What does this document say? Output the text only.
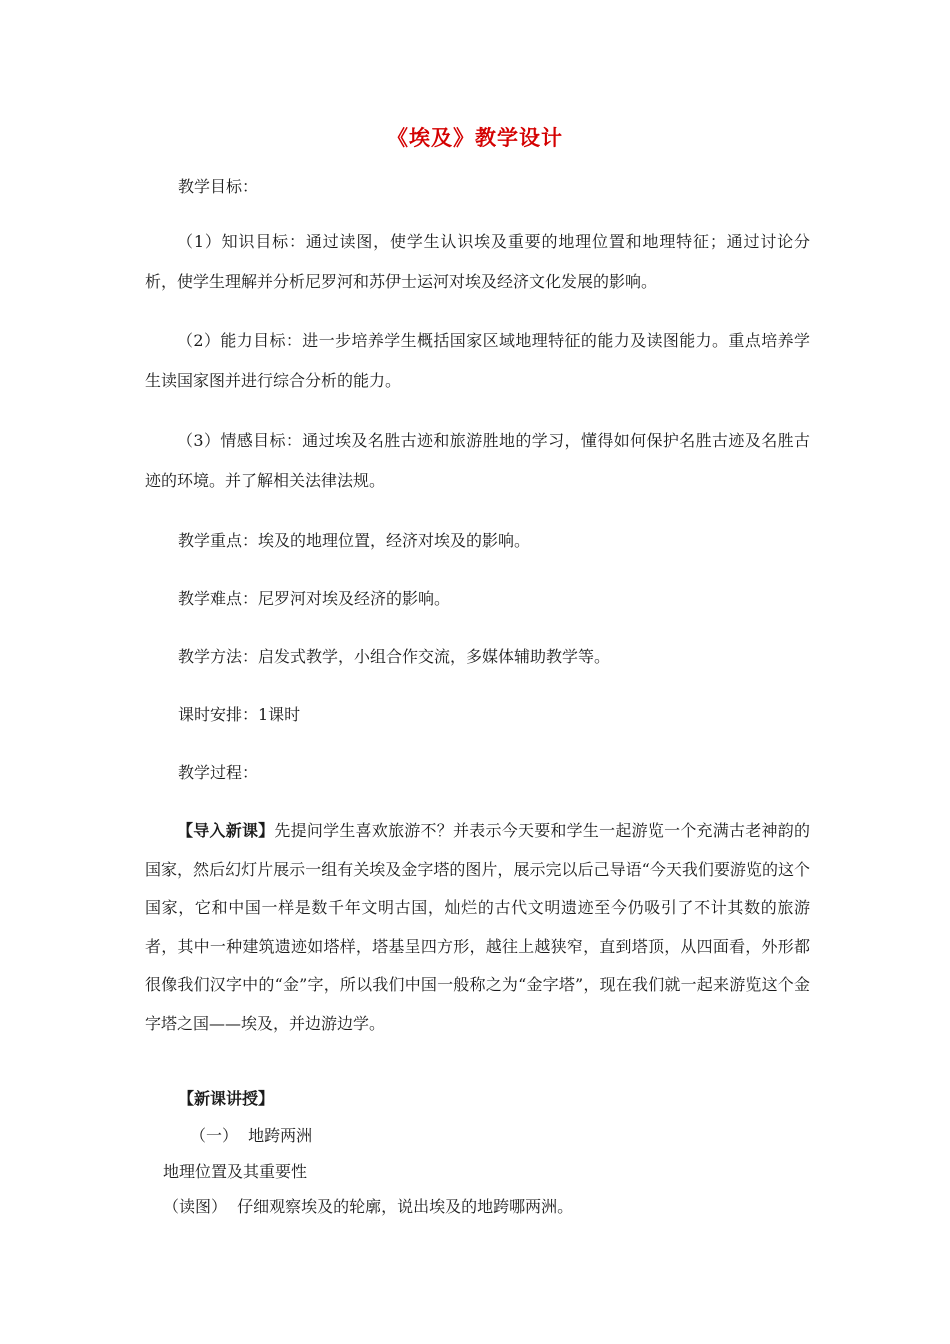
《埃及》教学设计
教学目标：
（1）知识目标：通过读图，使学生认识埃及重要的地理位置和地理特征；通过讨论分析，使学生理解并分析尼罗河和苏伊士运河对埃及经济文化发展的影响。
（2）能力目标：进一步培养学生概括国家区域地理特征的能力及读图能力。重点培养学生读国家图并进行综合分析的能力。
（3）情感目标：通过埃及名胜古迹和旅游胜地的学习，懂得如何保护名胜古迹及名胜古迹的环境。并了解相关法律法规。
教学重点：埃及的地理位置，经济对埃及的影响。
教学难点：尼罗河对埃及经济的影响。
教学方法：启发式教学，小组合作交流，多媒体辅助教学等。
课时安排：1课时
教学过程：
【导入新课】先提问学生喜欢旅游不？并表示今天要和学生一起游览一个充满古老神韵的国家，然后幻灯片展示一组有关埃及金字塔的图片，展示完以后己导语“今天我们要游览的这个国家，它和中国一样是数千年文明古国，灿烂的古代文明遗迹至今仍吸引了不计其数的旅游者，其中一种建筑遗迹如塔样，塔基呈四方形，越往上越狭窄，直到塔顶，从四面看，外形都很像我们汉字中的“金”字，所以我们中国一般称之为“金字塔”，现在我们就一起来游览这个金字塔之国——埃及，并边游边学。
【新课讲授】
（一）  地跨两洲
地理位置及其重要性
（读图）  仔细观察埃及的轮廓，说出埃及的地跨哪两洲。
